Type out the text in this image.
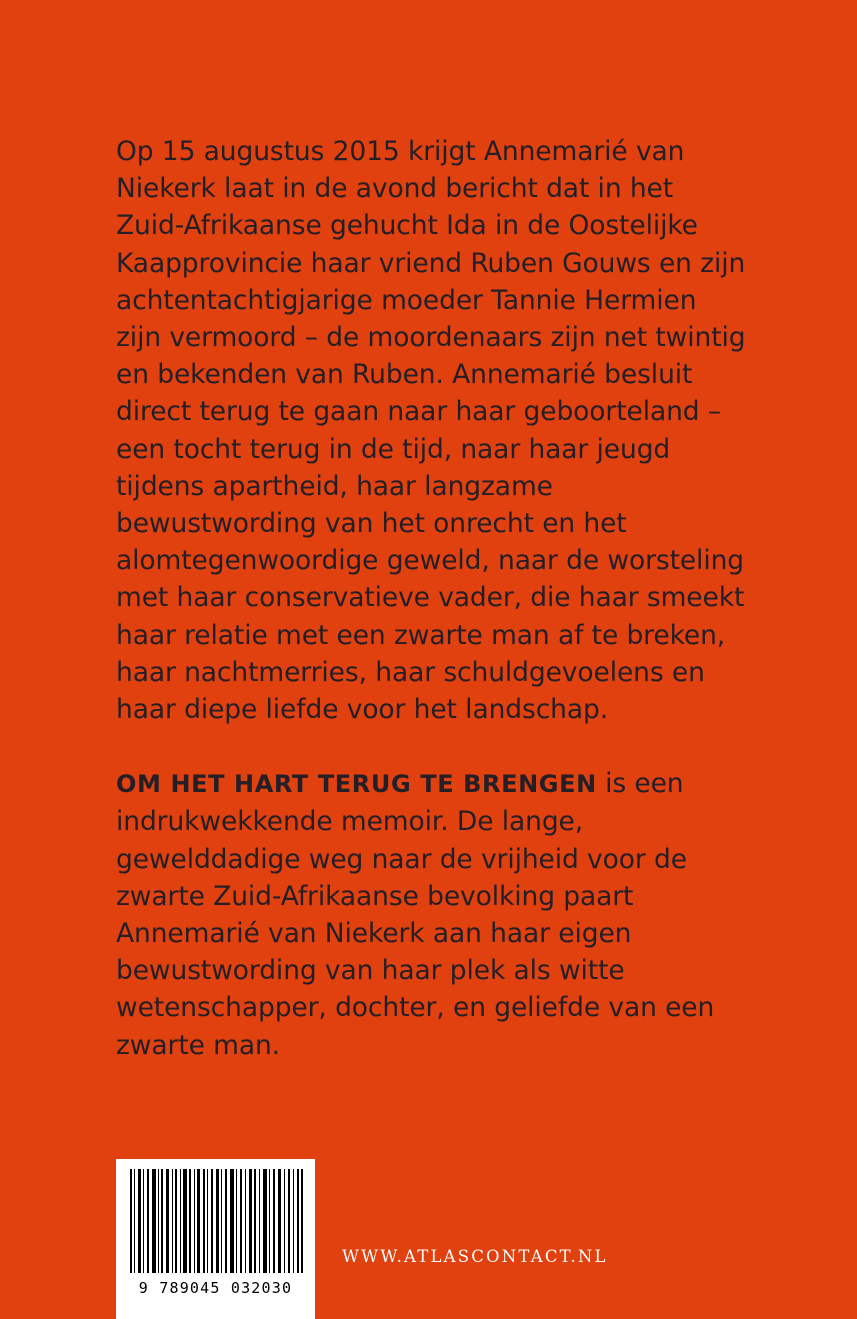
Op 15 augustus 2015 krijgt Annemarié van Niekerk laat in de avond bericht dat in het Zuid-Afrikaanse gehucht Ida in de Oostelijke Kaapprovincie haar vriend Ruben Gouws en zijn achtentachtigjarige moeder Tannie Hermien zijn vermoord – de moordenaars zijn net twintig en bekenden van Ruben. Annemarié besluit direct terug te gaan naar haar geboorteland – een tocht terug in de tijd, naar haar jeugd tijdens apartheid, haar langzame bewustwording van het onrecht en het alomtegenwoordige geweld, naar de worsteling met haar conservatieve vader, die haar smeekt haar relatie met een zwarte man af te breken, haar nachtmerries, haar schuldgevoelens en haar diepe liefde voor het landschap.

OM HET HART TERUG TE BRENGEN is een indrukwekkende memoir. De lange, gewelddadige weg naar de vrijheid voor de zwarte Zuid-Afrikaanse bevolking paart Annemarié van Niekerk aan haar eigen bewustwording van haar plek als witte wetenschapper, dochter, en geliefde van een zwarte man.

9 789045 032030
WWW.ATLASCONTACT.NL
